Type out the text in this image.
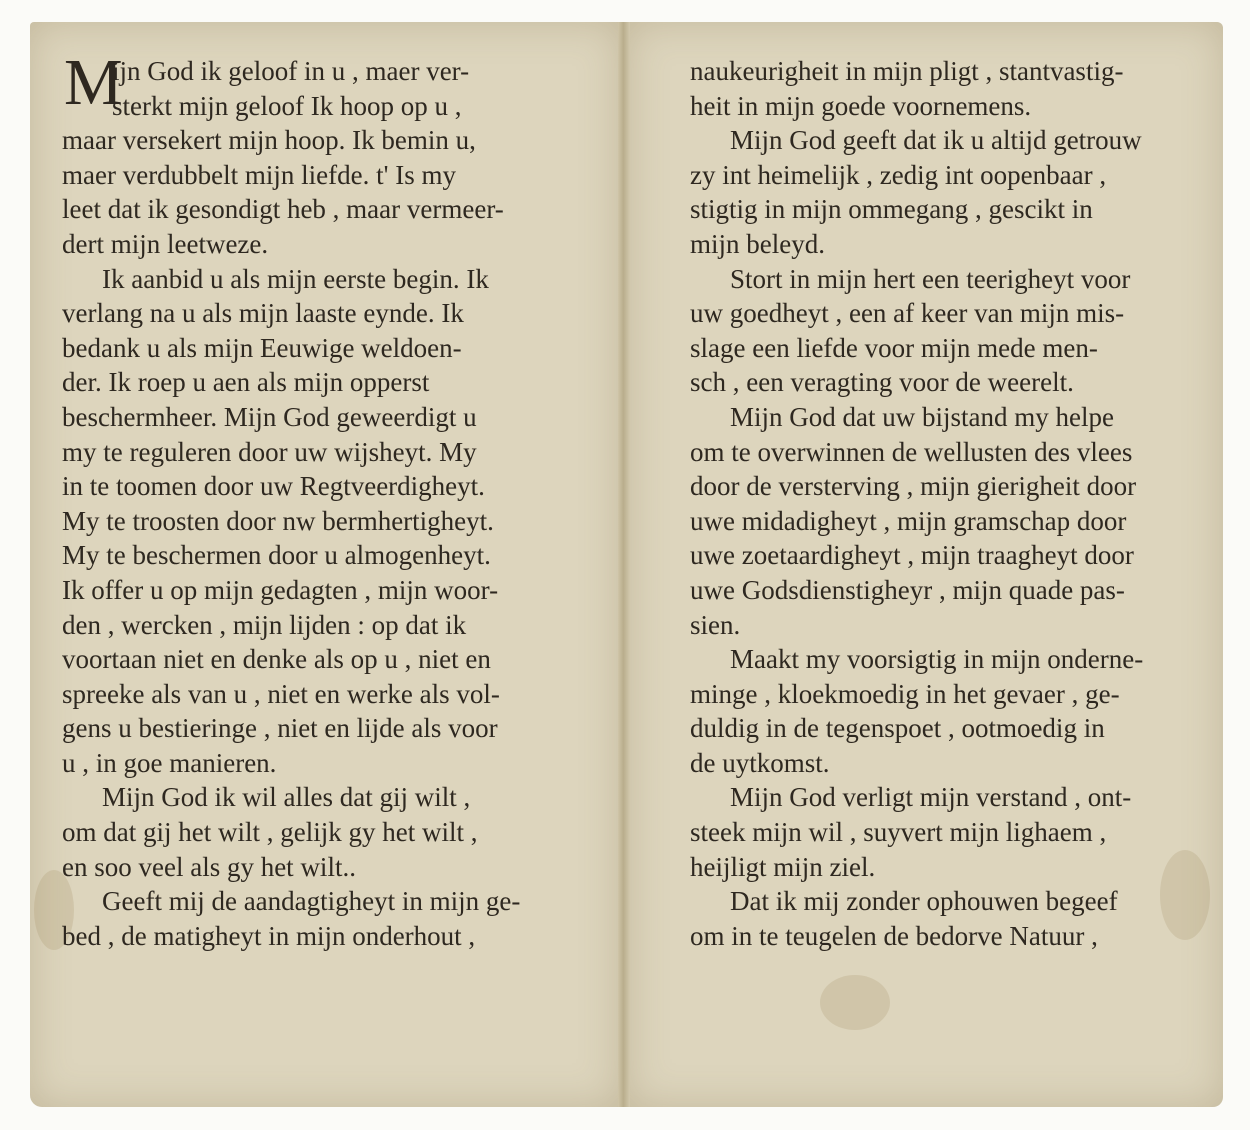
M
ijn God ik geloof in u , maer ver-
sterkt mijn geloof Ik hoop op u ,
maar versekert mijn hoop. Ik bemin u,
maer verdubbelt mijn liefde. t' Is my
leet dat ik gesondigt heb , maar vermeer-
dert mijn leetweze.
Ik aanbid u als mijn eerste begin. Ik
verlang na u als mijn laaste eynde. Ik
bedank u als mijn Eeuwige weldoen-
der. Ik roep u aen als mijn opperst
beschermheer. Mijn God geweerdigt u
my te reguleren door uw wijsheyt. My
in te toomen door uw Regtveerdigheyt.
My te troosten door nw bermhertigheyt.
My te beschermen door u almogenheyt.
Ik offer u op mijn gedagten , mijn woor-
den , wercken , mijn lijden : op dat ik
voortaan niet en denke als op u , niet en
spreeke als van u , niet en werke als vol-
gens u bestieringe , niet en lijde als voor
u , in goe manieren.
Mijn God ik wil alles dat gij wilt ,
om dat gij het wilt , gelijk gy het wilt ,
en soo veel als gy het wilt..
Geeft mij de aandagtigheyt in mijn ge-
bed , de matigheyt in mijn onderhout ,
naukeurigheit in mijn pligt , stantvastig-
heit in mijn goede voornemens.
Mijn God geeft dat ik u altijd getrouw
zy int heimelijk , zedig int oopenbaar ,
stigtig in mijn ommegang , gescikt in
mijn beleyd.
Stort in mijn hert een teerigheyt voor
uw goedheyt , een af keer van mijn mis-
slage een liefde voor mijn mede men-
sch , een veragting voor de weerelt.
Mijn God dat uw bijstand my helpe
om te overwinnen de wellusten des vlees
door de versterving , mijn gierigheit door
uwe midadigheyt , mijn gramschap door
uwe zoetaardigheyt , mijn traagheyt door
uwe Godsdienstigheyr , mijn quade pas-
sien.
Maakt my voorsigtig in mijn onderne-
minge , kloekmoedig in het gevaer , ge-
duldig in de tegenspoet , ootmoedig in
de uytkomst.
Mijn God verligt mijn verstand , ont-
steek mijn wil , suyvert mijn lighaem ,
heijligt mijn ziel.
Dat ik mij zonder ophouwen begeef
om in te teugelen de bedorve Natuur ,
